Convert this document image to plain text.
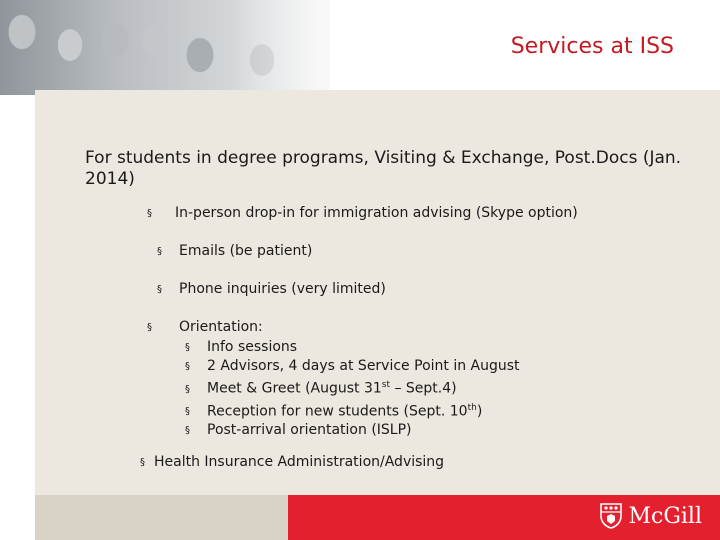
Services at ISS

For students in degree programs, Visiting & Exchange, Post.Docs (Jan. 2014)

§ In-person drop-in for immigration advising (Skype option)
§ Emails (be patient)
§ Phone inquiries (very limited)
§ Orientation:
§ Info sessions
§ 2 Advisors, 4 days at Service Point in August
§ Meet & Greet (August 31st – Sept.4)
§ Reception for new students (Sept. 10th)
§ Post-arrival orientation (ISLP)
§ Health Insurance Administration/Advising
McGill
